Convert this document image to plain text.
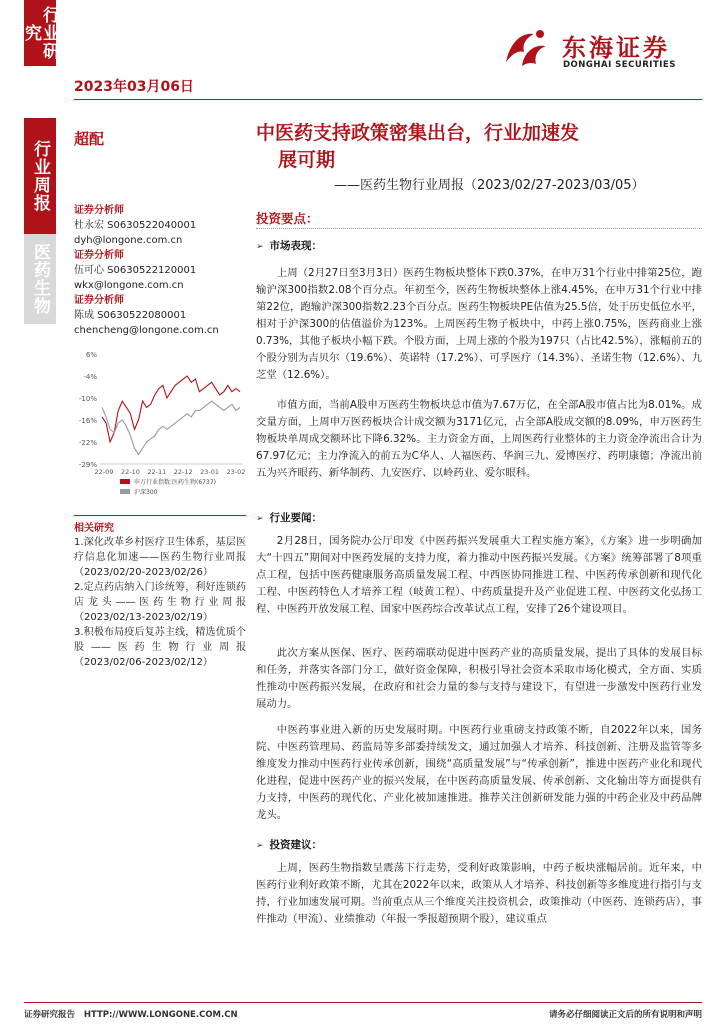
行业研究
行业周报
医药生物
2023年03月06日
东海证券
DONGHAI SECURITIES
超配	中医药支持政策密集出台，行业加速发
展可期
——医药生物行业周报（2023/02/27-2023/03/05）
证券分析师
杜永宏 S0630522040001
dyh@longone.com.cn
证券分析师
伍可心 S0630522120001
wkx@longone.com.cn
证券分析师
陈成 S0630522080001
chencheng@longone.com.cn
6%
-4%
-10%
-16%
-22%
-29%
22-09 22-10 22-11 22-12 23-01 23-02
申万行业指数:医药生物(6737)
沪深300
相关研究
1.深化改革乡村医疗卫生体系，基层医疗信息化加速——医药生物行业周报（2023/02/20-2023/02/26）
2.定点药店纳入门诊统筹，利好连锁药店龙头——医药生物行业周报（2023/02/13-2023/02/19）
3.积极布局疫后复苏主线，精选优质个股——医药生物行业周报（2023/02/06-2023/02/12）
投资要点：
➢ 市场表现：
上周（2月27日至3月3日）医药生物板块整体下跌0.37%，在申万31个行业中排第25位，跑输沪深300指数2.08个百分点。年初至今，医药生物板块整体上涨4.45%，在申万31个行业中排第22位，跑输沪深300指数2.23个百分点。医药生物板块PE估值为25.5倍，处于历史低位水平，相对于沪深300的估值溢价为123%。上周医药生物子板块中，中药上涨0.75%，医药商业上涨0.73%，其他子板块小幅下跌。个股方面，上周上涨的个股为197只（占比42.5%），涨幅前五的个股分别为吉贝尔（19.6%）、英诺特（17.2%）、可孚医疗（14.3%）、圣诺生物（12.6%）、九芝堂（12.6%）。
市值方面，当前A股申万医药生物板块总市值为7.67万亿，在全部A股市值占比为8.01%。成交量方面，上周申万医药板块合计成交额为3171亿元，占全部A股成交额的8.09%，申万医药生物板块单周成交额环比下降6.32%。主力资金方面，上周医药行业整体的主力资金净流出合计为67.97亿元；主力净流入的前五为C华人、人福医药、华润三九、爱博医疗、药明康德；净流出前五为兴齐眼药、新华制药、九安医疗、以岭药业、爱尔眼科。
➢ 行业要闻：
2月28日，国务院办公厅印发《中医药振兴发展重大工程实施方案》，《方案》进一步明确加大“十四五”期间对中医药发展的支持力度，着力推动中医药振兴发展。《方案》统筹部署了8项重点工程，包括中医药健康服务高质量发展工程、中西医协同推进工程、中医药传承创新和现代化工程、中医药特色人才培养工程（岐黄工程）、中药质量提升及产业促进工程、中医药文化弘扬工程、中医药开放发展工程、国家中医药综合改革试点工程，安排了26个建设项目。
此次方案从医保、医疗、医药端联动促进中医药产业的高质量发展，提出了具体的发展目标和任务，并落实各部门分工，做好资金保障，积极引导社会资本采取市场化模式，全方面、实质性推动中医药振兴发展，在政府和社会力量的参与支持与建设下，有望进一步激发中医药行业发展动力。
中医药事业进入新的历史发展时期。中医药行业重磅支持政策不断，自2022年以来，国务院、中医药管理局、药监局等多部委持续发文，通过加强人才培养、科技创新、注册及监管等多维度发力推动中医药行业传承创新，围绕“高质量发展”与“传承创新”，推进中医药产业化和现代化进程，促进中医药产业的振兴发展，在中医药高质量发展、传承创新、文化输出等方面提供有力支持，中医药的现代化、产业化被加速推进。推荐关注创新研发能力强的中药企业及中药品牌龙头。
➢ 投资建议：
上周，医药生物指数呈震荡下行走势，受利好政策影响，中药子板块涨幅居前。近年来，中医药行业利好政策不断，尤其在2022年以来，政策从人才培养、科技创新等多维度进行指引与支持，行业加速发展可期。当前重点从三个维度关注投资机会，政策推动（中医药、连锁药店），事件推动（甲流）、业绩推动（年报一季报超预期个股），建议重点
证券研究报告   HTTP://WWW.LONGONE.COM.CN	请务必仔细阅读正文后的所有说明和声明
